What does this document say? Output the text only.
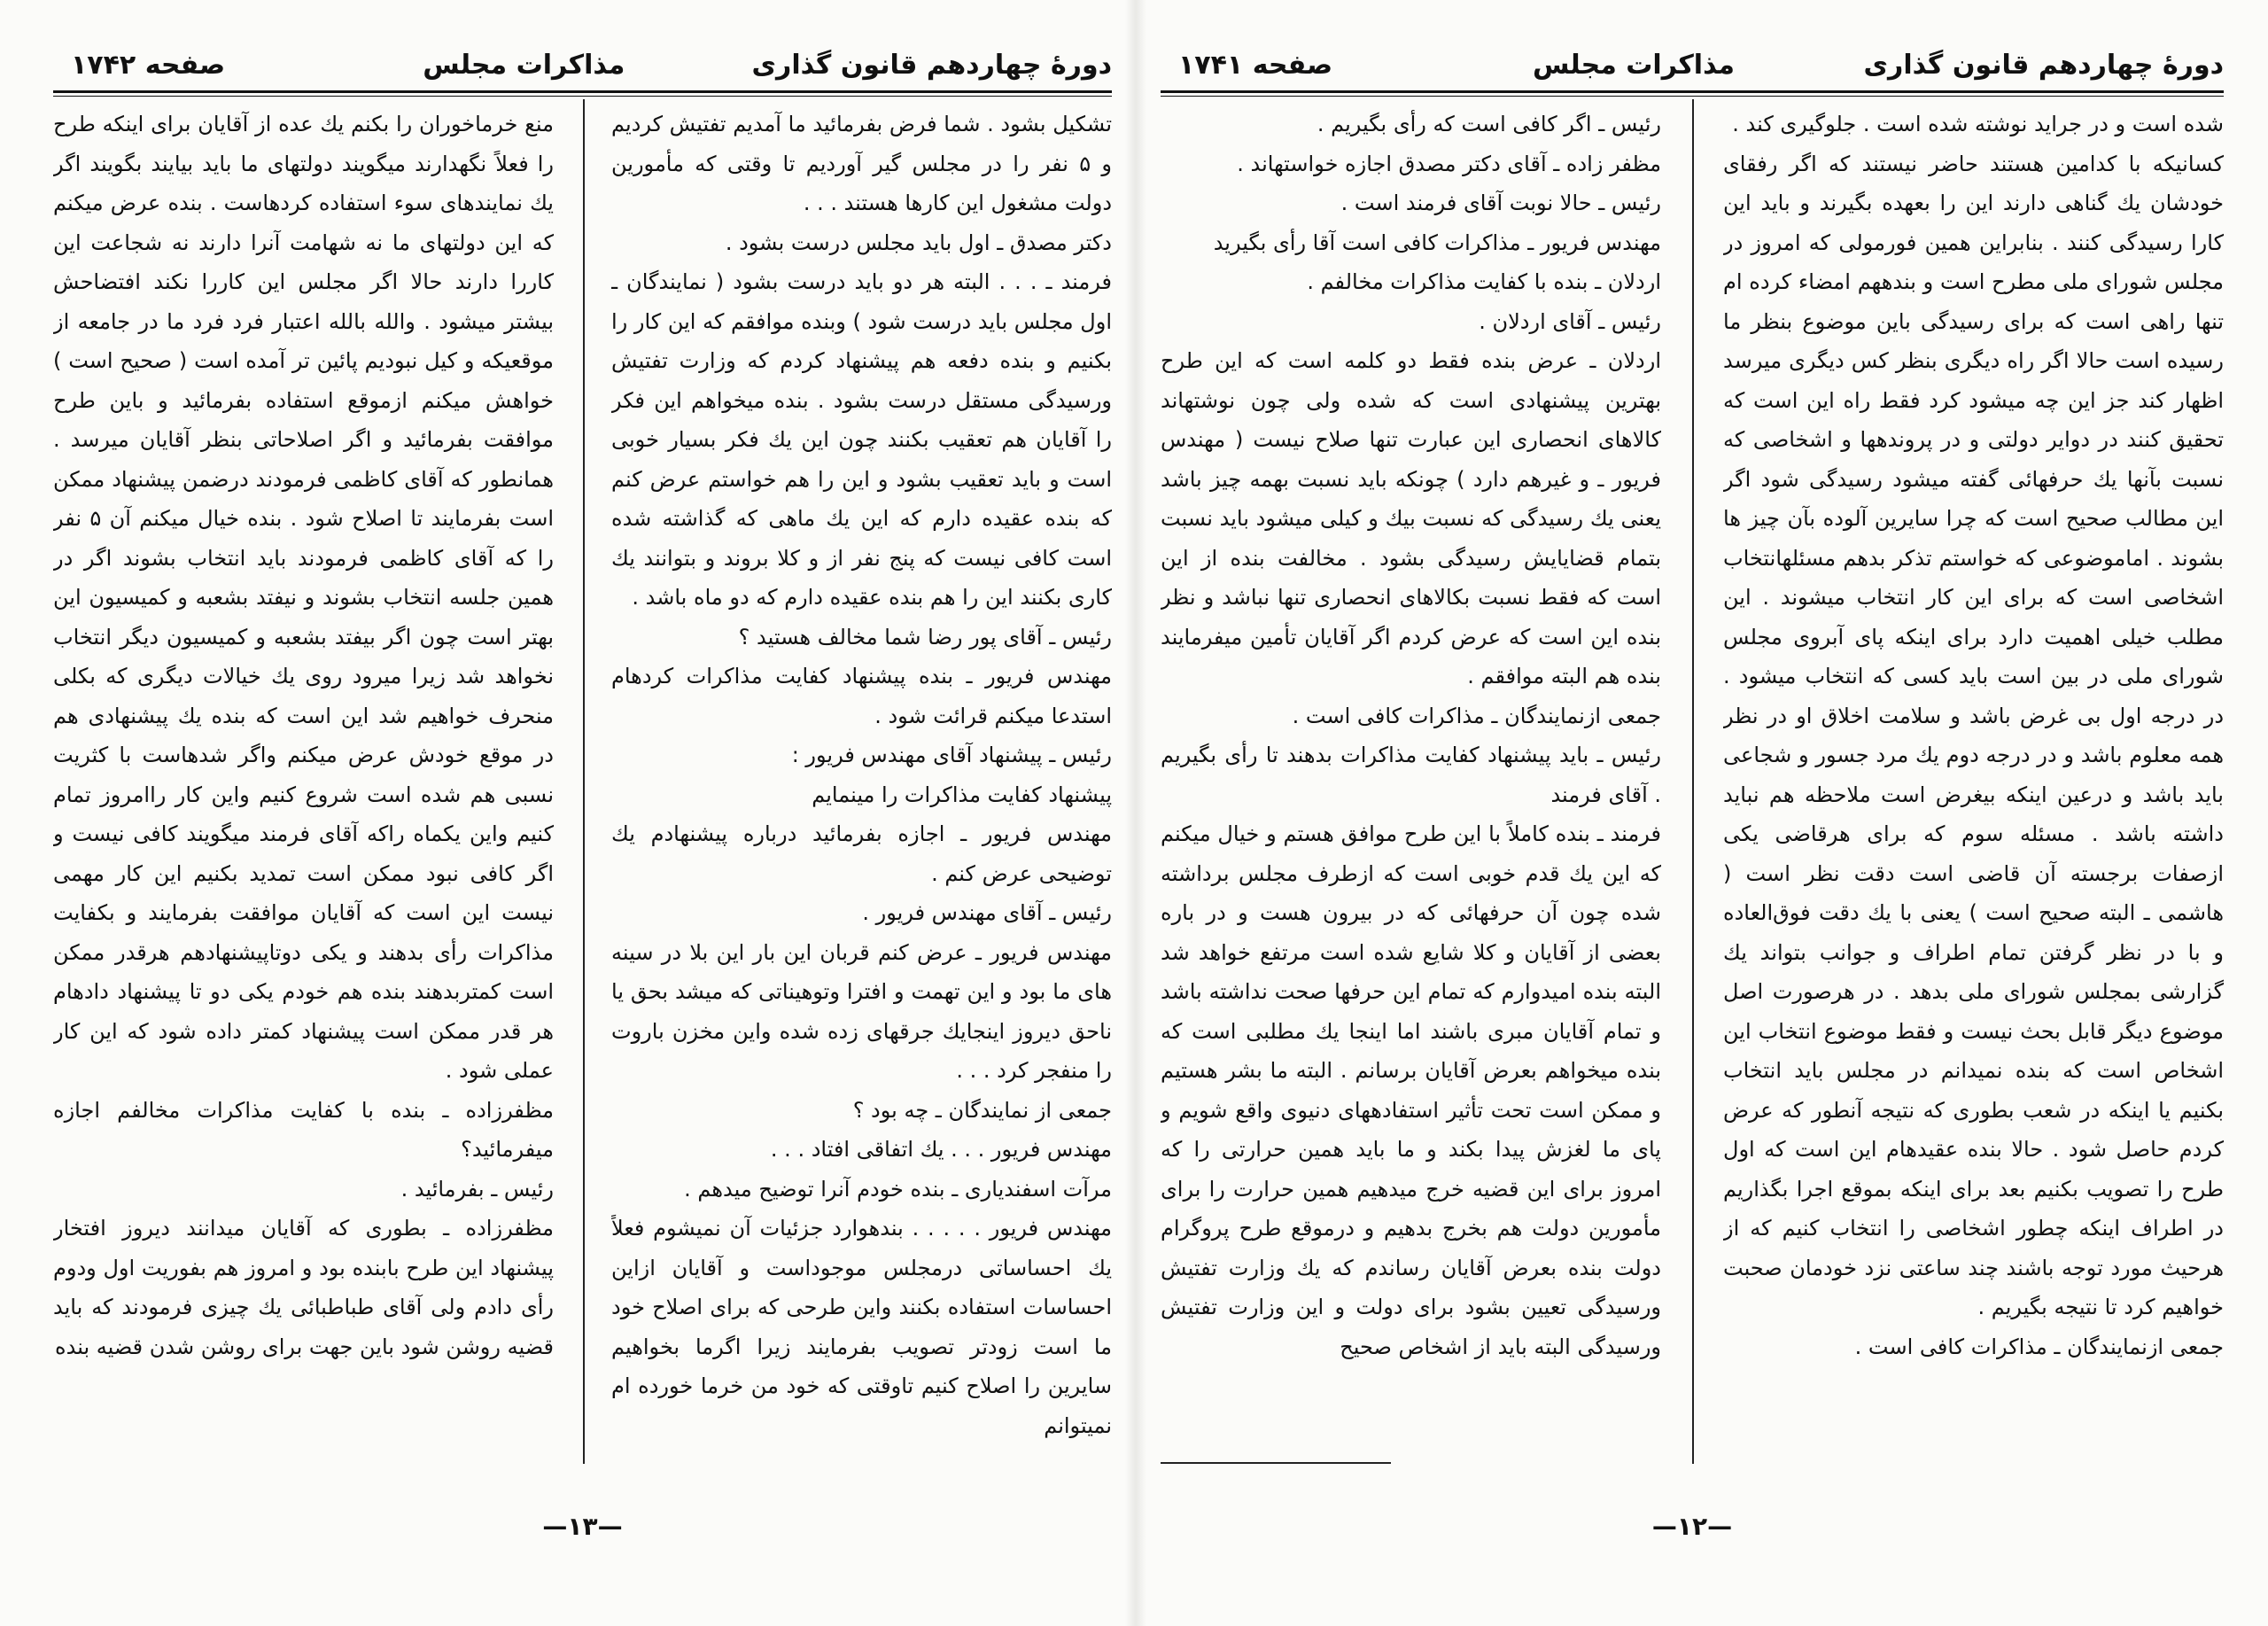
دورهٔ چهاردهم قانون گذاری
مذاکرات مجلس
صفحه ۱۷۴۲

تشکیل بشود . شما فرض بفرمائید ما آمدیم تفتیش کردیم و ۵ نفر را در مجلس گیر آوردیم تا وقتی که مأمورین دولت مشغول این کارها هستند . . .

دکتر مصدق ـ اول باید مجلس درست بشود .

فرمند ـ . . . البته هر دو باید درست بشود ( نمایندگان ـ اول مجلس باید درست شود ) وبنده موافقم که این کار را بکنیم و بنده دفعه هم پیشنهاد کردم که وزارت تفتیش ورسیدگی مستقل درست بشود . بنده میخواهم این فکر را آقایان هم تعقیب بکنند چون این یك فکر بسیار خوبی است و باید تعقیب بشود و این را هم خواستم عرض کنم که بنده عقیده دارم که این یك ماهی که گذاشته شده است کافی نیست که پنج نفر از و کلا بروند و بتوانند یك کاری بکنند این را هم بنده عقیده دارم که دو ماه باشد .

رئیس ـ آقای پور رضا شما مخالف هستید ؟

مهندس فریور ـ بنده پیشنهاد کفایت مذاکرات کردهام استدعا میکنم قرائت شود .

رئیس ـ پیشنهاد آقای مهندس فریور :

پیشنهاد کفایت مذاکرات را مینمایم

مهندس فریور ـ اجازه بفرمائید درباره پیشنهادم یك توضیحی عرض کنم .

رئیس ـ آقای مهندس فریور .

مهندس فریور ـ عرض کنم قربان این بار این بلا در سینه های ما بود و این تهمت و افترا وتوهیناتی که میشد بحق یا ناحق دیروز اینجایك جرقهای زده شده واین مخزن باروت را منفجر کرد . . .

جمعی از نمایندگان ـ چه بود ؟

مهندس فریور . . . یك اتفاقی افتاد . . .

مرآت اسفندیاری ـ بنده خودم آنرا توضیح میدهم .

مهندس فریور . . . . . بندهوارد جزئیات آن نمیشوم فعلاً یك احساساتی درمجلس موجوداست و آقایان ازاین احساسات استفاده بکنند واین طرحی که برای اصلاح خود ما است زودتر تصویب بفرمایند زیرا اگرما بخواهیم سایرین را اصلاح کنیم تاوقتی که خود من خرما خورده ام نمیتوانم

منع خرماخوران را بکنم یك عده از آقایان برای اینکه طرح را فعلاً نگهدارند میگویند دولتهای ما باید بیایند بگویند اگر یك نمایندهای سوء استفاده کردهاست . بنده عرض میکنم که این دولتهای ما نه شهامت آنرا دارند نه شجاعت این کاررا دارند حالا اگر مجلس این کاررا نکند افتضاحش بیشتر میشود . والله بالله اعتبار فرد فرد ما در جامعه از موقعیکه و کیل نبودیم پائین تر آمده است ( صحیح است ) خواهش میکنم ازموقع استفاده بفرمائید و باین طرح موافقت بفرمائید و اگر اصلاحاتی بنظر آقایان میرسد . همانطور که آقای کاظمی فرمودند درضمن پیشنهاد ممکن است بفرمایند تا اصلاح شود . بنده خیال میکنم آن ۵ نفر را که آقای کاظمی فرمودند باید انتخاب بشوند اگر در همین جلسه انتخاب بشوند و نیفتد بشعبه و کمیسیون این بهتر است چون اگر بیفتد بشعبه و کمیسیون دیگر انتخاب نخواهد شد زیرا میرود روی یك خیالات دیگری که بکلی منحرف خواهیم شد این است که بنده یك پیشنهادی هم در موقع خودش عرض میکنم واگر شدهاست با کثریت نسبی هم شده است شروع کنیم واین کار راامروز تمام کنیم واین یکماه راکه آقای فرمند میگویند کافی نیست و اگر کافی نبود ممکن است تمدید بکنیم این کار مهمی نیست این است که آقایان موافقت بفرمایند و بکفایت مذاکرات رأی بدهند و یکی دوتاپیشنهادهم هرقدر ممکن است کمتربدهند بنده هم خودم یکی دو تا پیشنهاد دادهام هر قدر ممکن است پیشنهاد کمتر داده شود که این کار عملی شود .

مظفرزاده ـ بنده با کفایت مذاکرات مخالفم اجازه میفرمائید؟

رئیس ـ بفرمائید .

مظفرزاده ـ بطوری که آقایان میدانند دیروز افتخار پیشنهاد این طرح بابنده بود و امروز هم بفوریت اول ودوم رأی دادم ولی آقای طباطبائی یك چیزی فرمودند که باید قضیه روشن شود باین جهت برای روشن شدن قضیه بنده

—۱۳—
دورهٔ چهاردهم قانون گذاری
مذاکرات مجلس
صفحه ۱۷۴۱

شده است و در جراید نوشته شده است . جلوگیری کند .

کسانیکه با کدامین هستند حاضر نیستند که اگر رفقای خودشان یك گناهی دارند این را بعهده بگیرند و باید این کارا رسیدگی کنند . بنابراین همین فورمولی که امروز در مجلس شورای ملی مطرح است و بندههم امضاء کرده ام تنها راهی است که برای رسیدگی باین موضوع بنظر ما رسیده است حالا اگر راه دیگری بنظر کس دیگری میرسد اظهار کند جز این چه میشود کرد فقط راه این است که تحقیق کنند در دوایر دولتی و در پروندهها و اشخاصی که نسبت بآنها یك حرفهائی گفته میشود رسیدگی شود اگر این مطالب صحیح است که چرا سایرین آلوده بآن چیز ها بشوند . اماموضوعی که خواستم تذکر بدهم مسئلهانتخاب اشخاصی است که برای این کار انتخاب میشوند . این مطلب خیلی اهمیت دارد برای اینکه پای آبروی مجلس شورای ملی در بین است باید کسی که انتخاب میشود . در درجه اول بی غرض باشد و سلامت اخلاق او در نظر همه معلوم باشد و در درجه دوم یك مرد جسور و شجاعی باید باشد و درعین اینکه بیغرض است ملاحظه هم نباید داشته باشد . مسئله سوم که برای هرقاضی یکی ازصفات برجسته آن قاضی است دقت نظر است ( هاشمی ـ البته صحیح است ) یعنی با یك دقت فوق‌العاده و با در نظر گرفتن تمام اطراف و جوانب بتواند یك گزارشی بمجلس شورای ملی بدهد . در هرصورت اصل موضوع دیگر قابل بحث نیست و فقط موضوع انتخاب این اشخاص است که بنده نمیدانم در مجلس باید انتخاب بکنیم یا اینکه در شعب بطوری که نتیجه آنطور که عرض کردم حاصل شود . حالا بنده عقیدهام این است که اول طرح را تصویب بکنیم بعد برای اینکه بموقع اجرا بگذاریم در اطراف اینکه چطور اشخاصی را انتخاب کنیم که از هرحیث مورد توجه باشند چند ساعتی نزد خودمان صحبت خواهیم کرد تا نتیجه بگیریم .

جمعی ازنمایندگان ـ مذاکرات کافی است .

رئیس ـ اگر کافی است که رأی بگیریم .

مظفر زاده ـ آقای دکتر مصدق اجازه خواستهاند .

رئیس ـ حالا نوبت آقای فرمند است .

مهندس فریور ـ مذاکرات کافی است آقا رأی بگیرید

اردلان ـ بنده با کفایت مذاکرات مخالفم .

رئیس ـ آقای اردلان .

اردلان ـ عرض بنده فقط دو کلمه است که این طرح بهترین پیشنهادی است که شده ولی چون نوشتهاند کالاهای انحصاری این عبارت تنها صلاح نیست ( مهندس فریور ـ و غیرهم دارد ) چونکه باید نسبت بهمه چیز باشد یعنی یك رسیدگی که نسبت بیك و کیلی میشود باید نسبت بتمام قضایایش رسیدگی بشود . مخالفت بنده از این است که فقط نسبت بکالاهای انحصاری تنها نباشد و نظر بنده این است که عرض کردم اگر آقایان تأمین میفرمایند بنده هم البته موافقم .

جمعی ازنمایندگان ـ مذاکرات کافی است .

رئیس ـ باید پیشنهاد کفایت مذاکرات بدهند تا رأی بگیریم . آقای فرمند

فرمند ـ بنده کاملاً با این طرح موافق هستم و خیال میکنم که این یك قدم خوبی است که ازطرف مجلس برداشته شده چون آن حرفهائی که در بیرون هست و در باره بعضی از آقایان و کلا شایع شده است مرتفع خواهد شد البته بنده امیدوارم که تمام این حرفها صحت نداشته باشد و تمام آقایان مبری باشند اما اینجا یك مطلبی است که بنده میخواهم بعرض آقایان برسانم . البته ما بشر هستیم و ممکن است تحت تأثیر استفادههای دنیوی واقع شویم و پای ما لغزش پیدا بکند و ما باید همین حرارتی را که امروز برای این قضیه خرج میدهیم همین حرارت را برای مأمورین دولت هم بخرج بدهیم و درموقع طرح پروگرام دولت بنده بعرض آقایان رساندم که یك وزارت تفتیش ورسیدگی تعیین بشود برای دولت و این وزارت تفتیش ورسیدگی البته باید از اشخاص صحیح

—۱۲—
